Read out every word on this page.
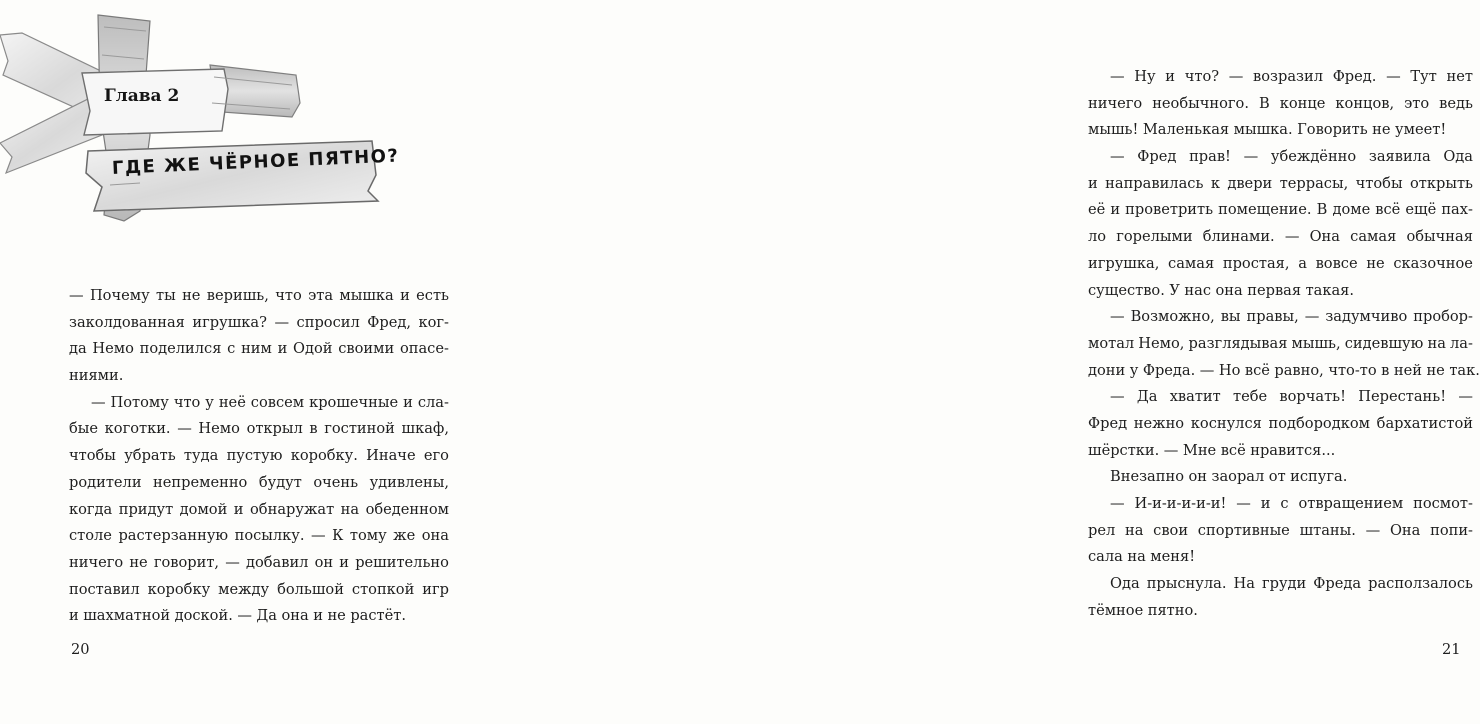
Глава 2
ГДЕ ЖЕ ЧЁРНОЕ ПЯТНО?
— Почему ты не веришь, что эта мышка и есть
заколдованная игрушка? — спросил Фред, ког-
да Немо поделился с ним и Одой своими опасе-
ниями.
— Потому что у неё совсем крошечные и сла-
бые коготки. — Немо открыл в гостиной шкаф,
чтобы убрать туда пустую коробку. Иначе его
родители непременно будут очень удивлены,
когда придут домой и обнаружат на обеденном
столе растерзанную посылку. — К тому же она
ничего не говорит, — добавил он и решительно
поставил коробку между большой стопкой игр
и шахматной доской. — Да она и не растёт.
20
— Ну и что? — возразил Фред. — Тут нет
ничего необычного. В конце концов, это ведь
мышь! Маленькая мышка. Говорить не умеет!
— Фред прав! — убеждённо заявила Ода
и направилась к двери террасы, чтобы открыть
её и проветрить помещение. В доме всё ещё пах-
ло горелыми блинами. — Она самая обычная
игрушка, самая простая, а вовсе не сказочное
существо. У нас она первая такая.
— Возможно, вы правы, — задумчиво пробор-
мотал Немо, разглядывая мышь, сидевшую на ла-
дони у Фреда. — Но всё равно, что-то в ней не так.
— Да хватит тебе ворчать! Перестань! —
Фред нежно коснулся подбородком бархатистой
шёрстки. — Мне всё нравится...
Внезапно он заорал от испуга.
— И-и-и-и-и-и! — и с отвращением посмот-
рел на свои спортивные штаны. — Она попи-
сала на меня!
Ода прыснула. На груди Фреда расползалось
тёмное пятно.
21
